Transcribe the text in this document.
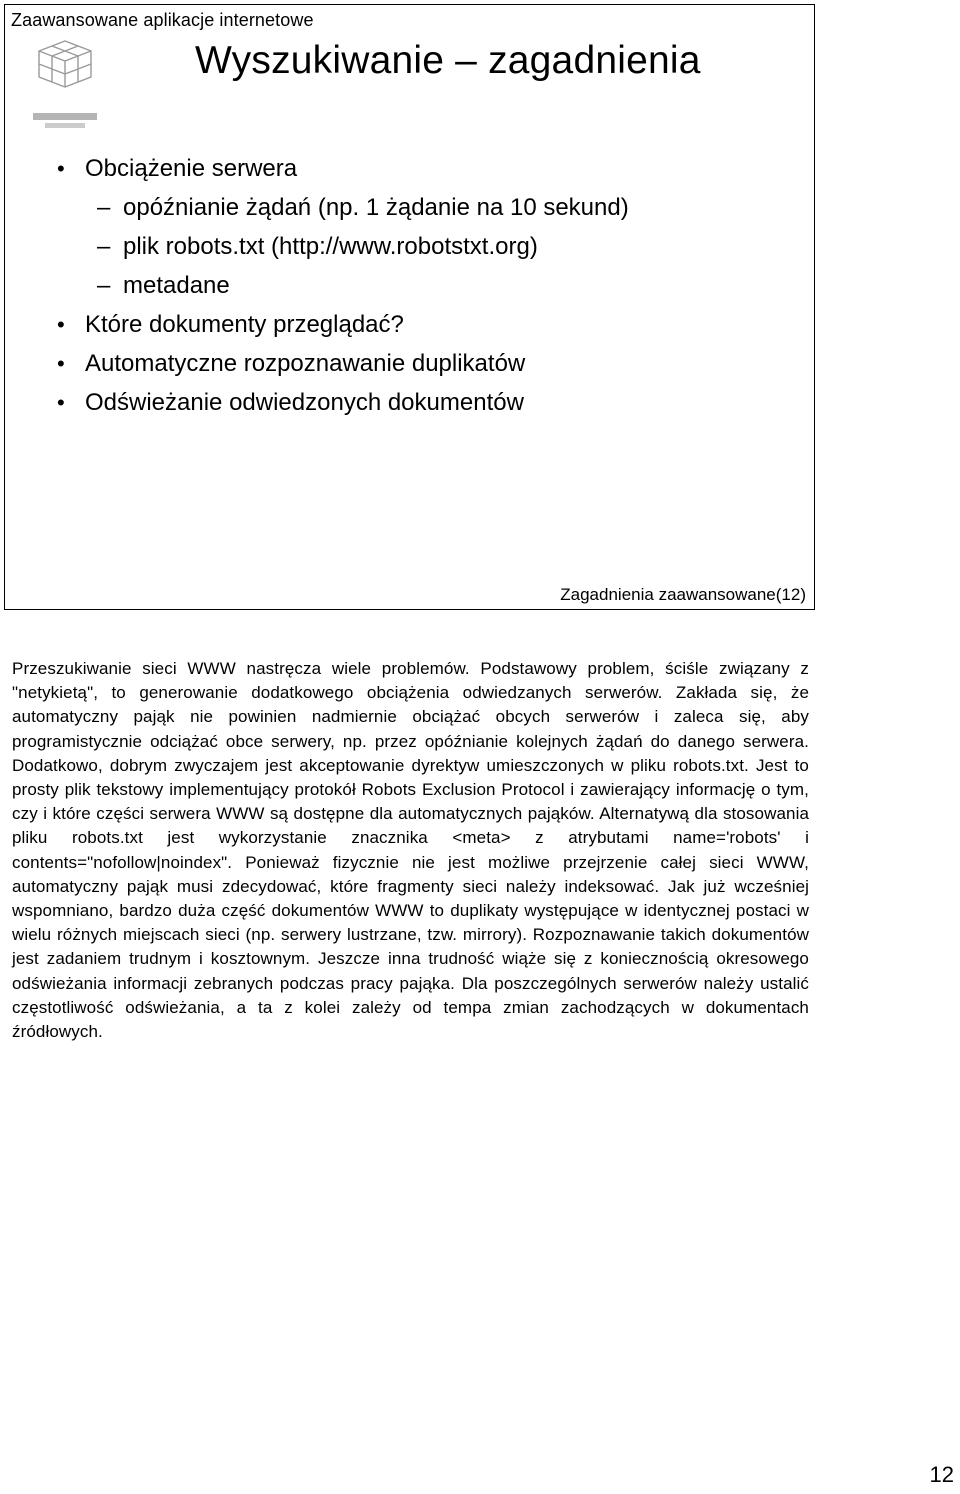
Zaawansowane aplikacje internetowe
Wyszukiwanie – zagadnienia
• Obciążenie serwera
– opóźnianie żądań (np. 1 żądanie na 10 sekund)
– plik robots.txt (http://www.robotstxt.org)
– metadane
• Które dokumenty przeglądać?
• Automatyczne rozpoznawanie duplikatów
• Odświeżanie odwiedzonych dokumentów
Zagadnienia zaawansowane(12)

Przeszukiwanie sieci WWW nastręcza wiele problemów. Podstawowy problem, ściśle związany z "netykietą", to generowanie dodatkowego obciążenia odwiedzanych serwerów. Zakłada się, że automatyczny pająk nie powinien nadmiernie obciążać obcych serwerów i zaleca się, aby programistycznie odciążać obce serwery, np. przez opóźnianie kolejnych żądań do danego serwera. Dodatkowo, dobrym zwyczajem jest akceptowanie dyrektyw umieszczonych w pliku robots.txt. Jest to prosty plik tekstowy implementujący protokół Robots Exclusion Protocol i zawierający informację o tym, czy i które części serwera WWW są dostępne dla automatycznych pająków. Alternatywą dla stosowania pliku robots.txt jest wykorzystanie znacznika <meta> z atrybutami name='robots' i contents="nofollow|noindex". Ponieważ fizycznie nie jest możliwe przejrzenie całej sieci WWW, automatyczny pająk musi zdecydować, które fragmenty sieci należy indeksować. Jak już wcześniej wspomniano, bardzo duża część dokumentów WWW to duplikaty występujące w identycznej postaci w wielu różnych miejscach sieci (np. serwery lustrzane, tzw. mirrory). Rozpoznawanie takich dokumentów jest zadaniem trudnym i kosztownym. Jeszcze inna trudność wiąże się z koniecznością okresowego odświeżania informacji zebranych podczas pracy pająka. Dla poszczególnych serwerów należy ustalić częstotliwość odświeżania, a ta z kolei zależy od tempa zmian zachodzących w dokumentach źródłowych.

12
